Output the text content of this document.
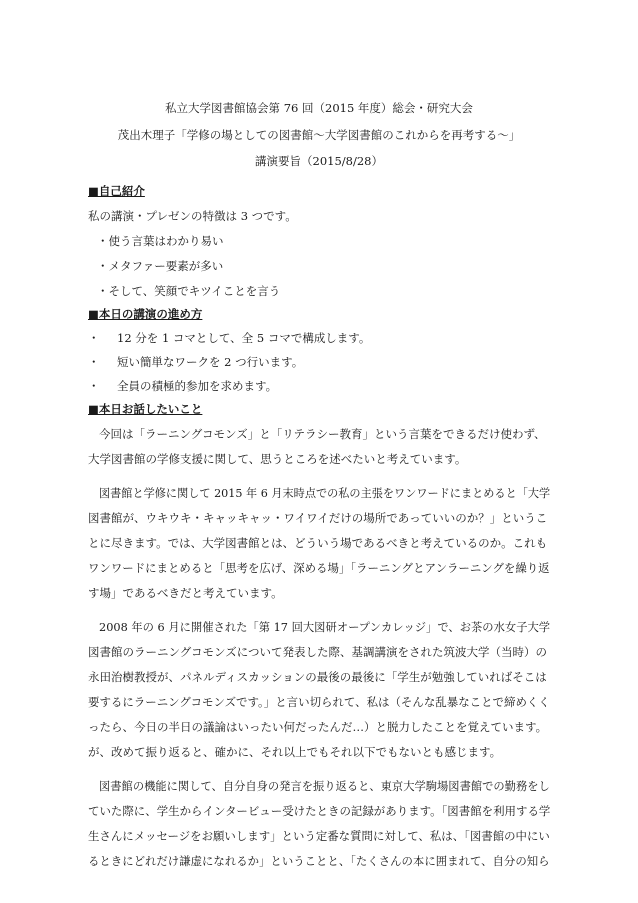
私立大学図書館協会第 76 回（2015 年度）総会・研究大会
茂出木理子「学修の場としての図書館〜大学図書館のこれからを再考する〜」
講演要旨（2015/8/28）
■自己紹介
私の講演・プレゼンの特徴は 3 つです。
・使う言葉はわかり易い
・メタファー要素が多い
・そして、笑顔でキツイことを言う
■本日の講演の進め方
・ 12 分を 1 コマとして、全 5 コマで構成します。
・ 短い簡単なワークを 2 つ行います。
・ 全員の積極的参加を求めます。
■本日お話したいこと
今回は「ラーニングコモンズ」と「リテラシー教育」という言葉をできるだけ使わず、
大学図書館の学修支援に関して、思うところを述べたいと考えています。
図書館と学修に関して 2015 年 6 月末時点での私の主張をワンワードにまとめると「大学
図書館が、ウキウキ・キャッキャッ・ワイワイだけの場所であっていいのか？」というこ
とに尽きます。では、大学図書館とは、どういう場であるべきと考えているのか。これも
ワンワードにまとめると「思考を広げ、深める場」「ラーニングとアンラーニングを繰り返
す場」であるべきだと考えています。
2008 年の 6 月に開催された「第 17 回大図研オープンカレッジ」で、お茶の水女子大学
図書館のラーニングコモンズについて発表した際、基調講演をされた筑波大学（当時）の
永田治樹教授が、パネルディスカッションの最後の最後に「学生が勉強していればそこは
要するにラーニングコモンズです。」と言い切られて、私は（そんな乱暴なことで締めくく
ったら、今日の半日の議論はいったい何だったんだ…）と脱力したことを覚えています。
が、改めて振り返ると、確かに、それ以上でもそれ以下でもないとも感じます。
図書館の機能に関して、自分自身の発言を振り返ると、東京大学駒場図書館での勤務をし
ていた際に、学生からインタービュー受けたときの記録があります。「図書館を利用する学
生さんにメッセージをお願いします」という定番な質問に対して、私は、「図書館の中にい
るときにどれだけ謙虚になれるか」ということと、「たくさんの本に囲まれて、自分の知ら
